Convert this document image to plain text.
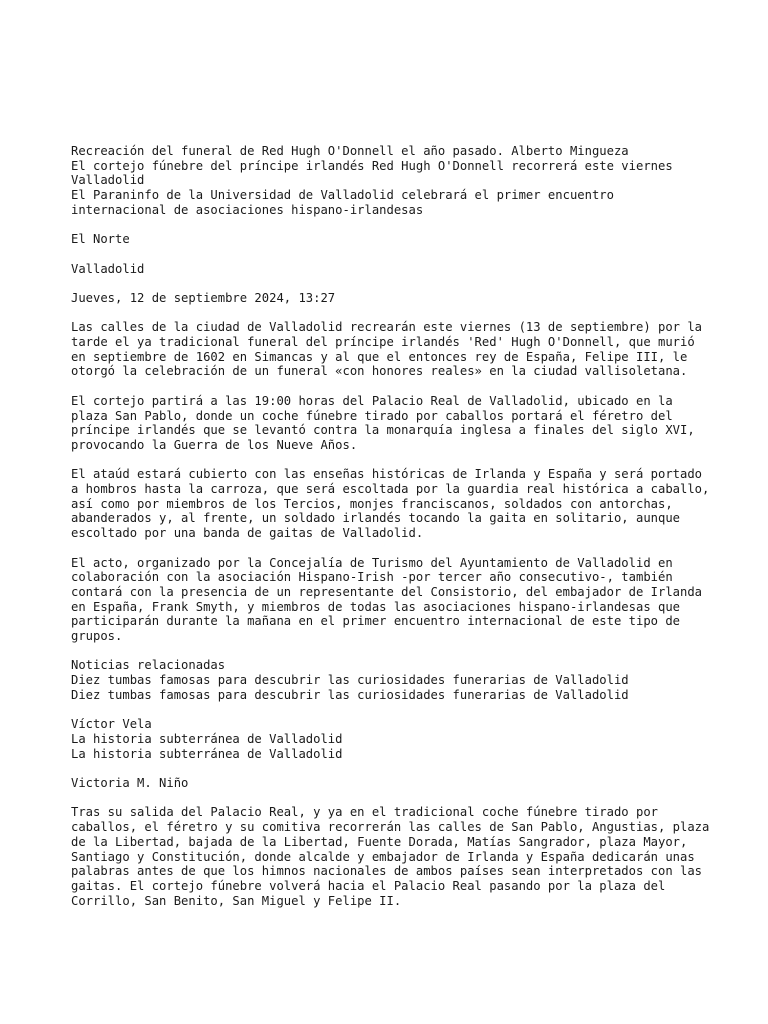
Recreación del funeral de Red Hugh O'Donnell el año pasado. Alberto Mingueza
El cortejo fúnebre del príncipe irlandés Red Hugh O'Donnell recorrerá este viernes Valladolid
El Paraninfo de la Universidad de Valladolid celebrará el primer encuentro internacional de asociaciones hispano-irlandesas

El Norte

Valladolid

Jueves, 12 de septiembre 2024, 13:27

Las calles de la ciudad de Valladolid recrearán este viernes (13 de septiembre) por la tarde el ya tradicional funeral del príncipe irlandés 'Red' Hugh O'Donnell, que murió en septiembre de 1602 en Simancas y al que el entonces rey de España, Felipe III, le otorgó la celebración de un funeral «con honores reales» en la ciudad vallisoletana.

El cortejo partirá a las 19:00 horas del Palacio Real de Valladolid, ubicado en la plaza San Pablo, donde un coche fúnebre tirado por caballos portará el féretro del príncipe irlandés que se levantó contra la monarquía inglesa a finales del siglo XVI, provocando la Guerra de los Nueve Años.

El ataúd estará cubierto con las enseñas históricas de Irlanda y España y será portado a hombros hasta la carroza, que será escoltada por la guardia real histórica a caballo, así como por miembros de los Tercios, monjes franciscanos, soldados con antorchas, abanderados y, al frente, un soldado irlandés tocando la gaita en solitario, aunque escoltado por una banda de gaitas de Valladolid.

El acto, organizado por la Concejalía de Turismo del Ayuntamiento de Valladolid en colaboración con la asociación Hispano-Irish -por tercer año consecutivo-, también contará con la presencia de un representante del Consistorio, del embajador de Irlanda en España, Frank Smyth, y miembros de todas las asociaciones hispano-irlandesas que participarán durante la mañana en el primer encuentro internacional de este tipo de grupos.

Noticias relacionadas
Diez tumbas famosas para descubrir las curiosidades funerarias de Valladolid
Diez tumbas famosas para descubrir las curiosidades funerarias de Valladolid
Víctor Vela
La historia subterránea de Valladolid
La historia subterránea de Valladolid
Victoria M. Niño

Tras su salida del Palacio Real, y ya en el tradicional coche fúnebre tirado por caballos, el féretro y su comitiva recorrerán las calles de San Pablo, Angustias, plaza de la Libertad, bajada de la Libertad, Fuente Dorada, Matías Sangrador, plaza Mayor, Santiago y Constitución, donde alcalde y embajador de Irlanda y España dedicarán unas palabras antes de que los himnos nacionales de ambos países sean interpretados con las gaitas. El cortejo fúnebre volverá hacia el Palacio Real pasando por la plaza del Corrillo, San Benito, San Miguel y Felipe II.
